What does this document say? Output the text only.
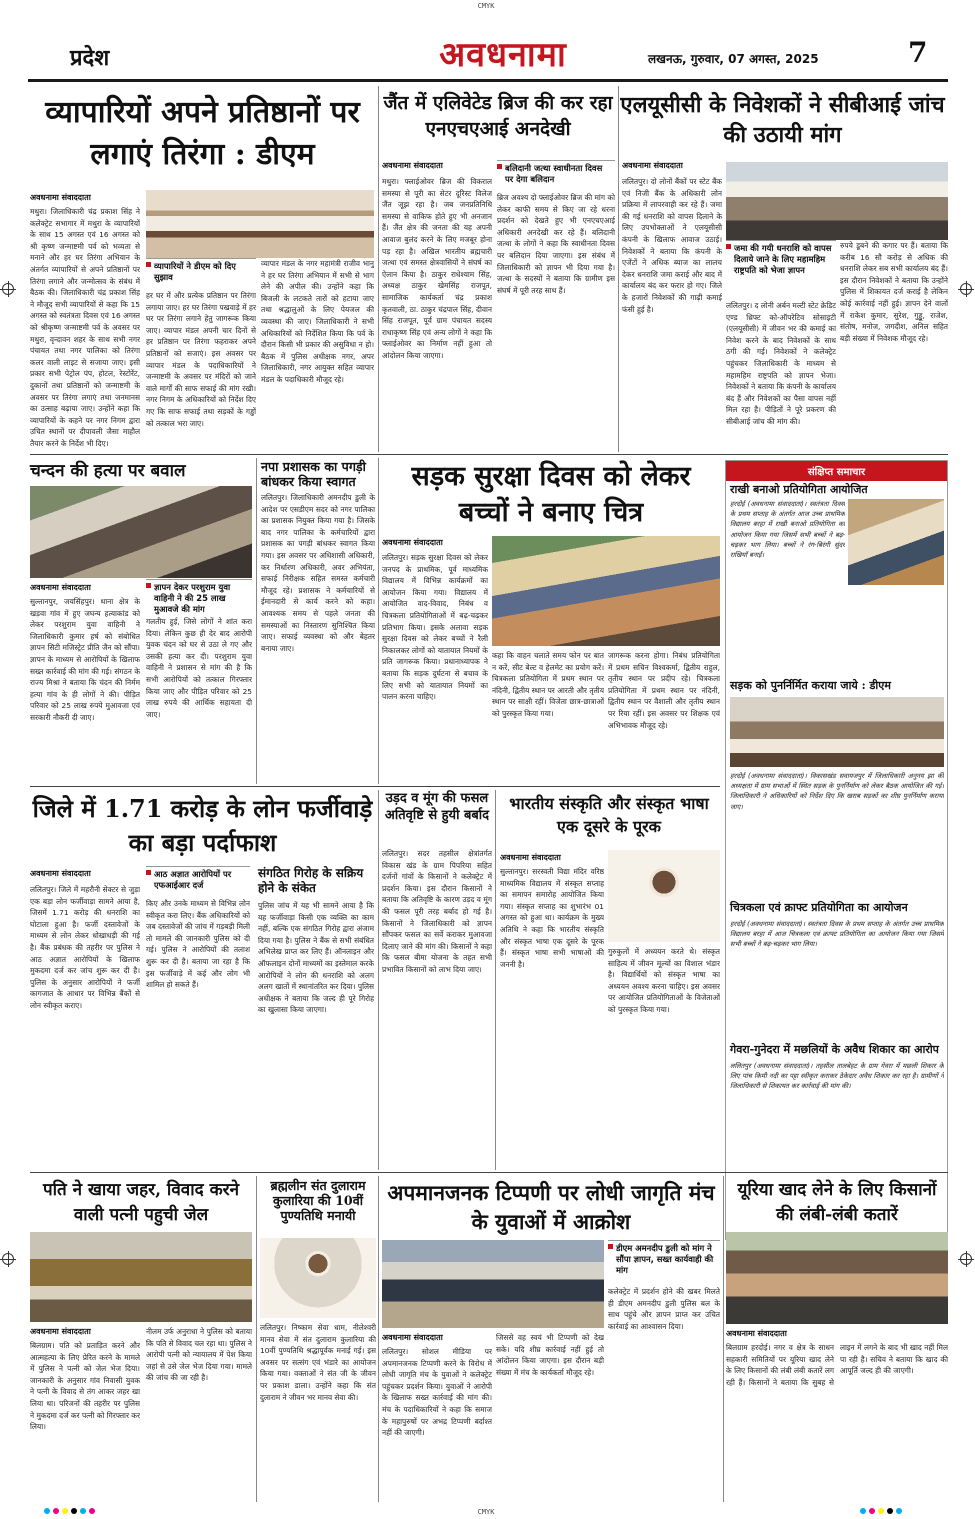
CMYK
CMYK
प्रदेश	अवधनामा	लखनऊ, गुरुवार, 07 अगस्त, 2025	7
व्यापारियों अपने प्रतिष्ठानों पर लगाएं तिरंगा : डीएम
अवधनामा संवाददाता
मथुरा। जिलाधिकारी चंद्र प्रकाश सिंह ने कलेक्ट्रेट सभागार में मथुरा के व्यापारियों के साथ 15 अगस्त एवं 16 अगस्त को श्री कृष्ण जन्माष्टमी पर्व को भव्यता से मनाने और हर घर तिरंगा अभियान के अंतर्गत व्यापारियों से अपने प्रतिष्ठानों पर तिरंगा लगाने और जन्मोत्सव के संबंध में बैठक की। जिलाधिकारी चंद्र प्रकाश सिंह ने मौजूद सभी व्यापारियों से कहा कि 15 अगस्त को स्वतंत्रता दिवस एवं 16 अगस्त को श्रीकृष्ण जन्माष्टमी पर्व के अवसर पर मथुरा, वृन्दावन शहर के साथ सभी नगर पंचायत तथा नगर पालिका को तिरंगा कलर वाली लाइट से सजाया जाए। इसी प्रकार सभी पेट्रोल पंप, होटल, रेस्टोरेंट, दुकानों तथा प्रतिष्ठानों को जन्माष्टमी के अवसर पर तिरंगा लगाएं तथा जनमानस का उत्साह बढ़ाया जाए। उन्होंने कहा कि व्यापारियों के कहने पर नगर निगम द्वारा उचित स्थानों पर दीपावली जैसा माहौल तैयार करने के निर्देश भी दिए।
व्यापारियों ने डीएम को दिए सुझाव
हर घर में और प्रत्येक प्रतिष्ठान पर तिरंगा लगाया जाए। हर घर तिरंगा पखवाड़े में हर घर पर तिरंगा लगाने हेतु जागरूक किया जाए। व्यापार मंडल अपनी चार दिनों से हर प्रतिष्ठान पर तिरंगा फहराकर अपने प्रतिष्ठानों को सजाएं। इस अवसर पर व्यापार मंडल के पदाधिकारियों ने जन्माष्टमी के अवसर पर मंदिरों को जाने वाले मार्गों की साफ सफाई की मांग रखी। नगर निगम के अधिकारियों को निर्देश दिए गए कि साफ सफाई तथा सड़कों के गड्ढों को तत्काल भरा जाए।
व्यापार मंडल के नगर महामंत्री राजीव भानु ने हर घर तिरंगा अभियान में सभी से भाग लेने की अपील की। उन्होंने कहा कि बिजली के लटकते तारों को हटाया जाए तथा श्रद्धालुओं के लिए पेयजल की व्यवस्था की जाए। जिलाधिकारी ने सभी अधिकारियों को निर्देशित किया कि पर्व के दौरान किसी भी प्रकार की असुविधा न हो। बैठक में पुलिस अधीक्षक नगर, अपर जिलाधिकारी, नगर आयुक्त सहित व्यापार मंडल के पदाधिकारी मौजूद रहे।
जैंत में एलिवेटेड ब्रिज की कर रहा एनएचएआई अनदेखी
अवधनामा संवाददाता
मथुरा। फ्लाईओवर ब्रिज की विकराल समस्या से पूरी का सेटर दूरिस्ट विलेज जैंत जूझ रहा है। जब जनप्रतिनिधि समस्या से वाकिफ होते हुए भी अनजान हैं। जैंत क्षेत्र की जनता की यह अपनी आवाज बुलंद करने के लिए मजबूर होना पड़ रहा है। अखिल भारतीय ब्रह्मचारी जत्था एवं समस्त क्षेत्रवासियों ने संघर्ष का ऐलान किया है। ठाकुर राधेश्याम सिंह, अध्यक्ष ठाकुर खेमसिंह राजपूत, सामाजिक कार्यकर्ता चंद्र प्रकाश कृतवाली, ठा. ठाकुर चंद्रपाल सिंह, दीवान सिंह राजपूत, पूर्व ग्राम पंचायत सदस्य राधाकृष्ण सिंह एवं अन्य लोगों ने कहा कि फ्लाईओवर का निर्माण नहीं हुआ तो आंदोलन किया जाएगा।
बलिदानी जत्था स्वाधीनता दिवस पर देगा बलिदान
ब्रिज अवश्य दो फ्लाईओवर ब्रिज की मांग को लेकर काफी समय से किए जा रहे धरना प्रदर्शन को देखते हुए भी एनएचएआई अधिकारी अनदेखी कर रहे हैं। बलिदानी जत्था के लोगों ने कहा कि स्वाधीनता दिवस पर बलिदान दिया जाएगा। इस संबंध में जिलाधिकारी को ज्ञापन भी दिया गया है। जत्था के सदस्यों ने बताया कि ग्रामीण इस संघर्ष में पूरी तरह साथ हैं।
एलयूसीसी के निवेशकों ने सीबीआई जांच की उठायी मांग
अवधनामा संवाददाता
ललितपुर। दो लोनों बैंकों पर स्टेट बैंक एवं निजी बैंक के अधिकारी लोन प्रक्रिया में लापरवाही कर रहे हैं। जमा की गई धनराशि को वापस दिलाने के लिए उपभोक्ताओं ने एलयूसीसी कंपनी के खिलाफ आवाज उठाई। निवेशकों ने बताया कि कंपनी के एजेंटों ने अधिक ब्याज का लालच देकर धनराशि जमा कराई और बाद में कार्यालय बंद कर फरार हो गए। जिले के हजारों निवेशकों की गाढ़ी कमाई फंसी हुई है।
जमा की गयी धनराशि को वापस दिलाये जाने के लिए महामहिम राष्ट्रपति को भेजा ज्ञापन
ललितपुर। द लोनी अर्बन मल्टी स्टेट क्रेडिट एण्ड थ्रिफ्ट को-ऑपरेटिव सोसाइटी (एलयूसीसी) में जीवन भर की कमाई का निवेश करने के बाद निवेशकों के साथ ठगी की गई। निवेशकों ने कलेक्ट्रेट पहुंचकर जिलाधिकारी के माध्यम से महामहिम राष्ट्रपति को ज्ञापन भेजा। निवेशकों ने बताया कि कंपनी के कार्यालय बंद हैं और निवेशकों का पैसा वापस नहीं मिल रहा है। पीड़ितों ने पूरे प्रकरण की सीबीआई जांच की मांग की।
रुपये डूबने की कगार पर हैं। बताया कि करीब 16 सौ करोड़ से अधिक की धनराशि लेकर सब सभी कार्यालय बंद हैं। इस दौरान निवेशकों ने बताया कि उन्होंने पुलिस में शिकायत दर्ज कराई है लेकिन कोई कार्रवाई नहीं हुई। ज्ञापन देने वालों में राकेश कुमार, सुरेश, गुड्डू, राजेश, संतोष, मनोज, जगदीश, अनिल सहित बड़ी संख्या में निवेशक मौजूद रहे।
चन्दन की हत्या पर बवाल
अवधनामा संवाददाता	ज्ञापन देकर परशुराम युवा वाहिनी ने की 25 लाख मुआवजे की मांग
सुल्तानपुर, जयसिंहपुर। थाना क्षेत्र के खड़वा गांव में हुए जघन्य हत्याकांड को लेकर परशुराम युवा वाहिनी ने जिलाधिकारी कुमार हर्ष को संबोधित ज्ञापन सिटी मजिस्ट्रेट प्रीति जैन को सौंपा। ज्ञापन के माध्यम से आरोपियों के खिलाफ सख्त कार्रवाई की मांग की गई। संगठन के राज्य मिश्रा ने बताया कि चंदन की निर्मम हत्या गांव के ही लोगों ने की। पीड़ित परिवार को 25 लाख रुपये मुआवजा एवं सरकारी नौकरी दी जाए।
गलतीय हुई, जिसे लोगों ने शांत करा दिया। लेकिन कुछ ही देर बाद आरोपी युवक चंदन को घर से उठा ले गए और उसकी हत्या कर दी। परशुराम युवा वाहिनी ने प्रशासन से मांग की है कि सभी आरोपियों को तत्काल गिरफ्तार किया जाए और पीड़ित परिवार को 25 लाख रुपये की आर्थिक सहायता दी जाए।
नपा प्रशासक का पगड़ी बांधकर किया स्वागत
ललितपुर। जिलाधिकारी अमनदीप डुली के आदेश पर एसडीएम सदर को नगर पालिका का प्रशासक नियुक्त किया गया है। जिसके बाद नगर पालिका के कर्मचारियों द्वारा प्रशासक का पगड़ी बांधकर स्वागत किया गया। इस अवसर पर अधिशासी अधिकारी, कर निर्धारण अधिकारी, अवर अभियंता, सफाई निरीक्षक सहित समस्त कर्मचारी मौजूद रहे। प्रशासक ने कर्मचारियों से ईमानदारी से कार्य करने को कहा। आवश्यक समय से पहले जनता की समस्याओं का निस्तारण सुनिश्चित किया जाए। सफाई व्यवस्था को और बेहतर बनाया जाए।
सड़क सुरक्षा दिवस को लेकर बच्चों ने बनाए चित्र
अवधनामा संवाददाता
ललितपुर। सड़क सुरक्षा दिवस को लेकर जनपद के प्राथमिक, पूर्व माध्यमिक विद्यालय में विभिन्न कार्यक्रमों का आयोजन किया गया। विद्यालय में आयोजित वाद-विवाद, निबंध व चित्रकला प्रतियोगिताओं में बढ़-चढ़कर प्रतिभाग किया। इसके अलावा सड़क सुरक्षा दिवस को लेकर बच्चों ने रैली निकालकर लोगों को यातायात नियमों के प्रति जागरूक किया। प्रधानाध्यापक ने बताया कि सड़क दुर्घटना से बचाव के लिए सभी को यातायात नियमों का पालन करना चाहिए।
कहा कि वाहन चलाते समय फोन पर बात न करें, सीट बेल्ट व हेलमेट का प्रयोग करें। चित्रकला प्रतियोगिता में प्रथम स्थान पर नंदिनी, द्वितीय स्थान पर आरती और तृतीय स्थान पर साक्षी रहीं। विजेता छात्र-छात्राओं को पुरस्कृत किया गया।
जागरूक करना होगा। निबंध प्रतियोगिता में प्रथम सचिन विश्वकर्मा, द्वितीय राहुल, तृतीय स्थान पर प्रदीप रहे। चित्रकला प्रतियोगिता में प्रथम स्थान पर नंदिनी, द्वितीय स्थान पर वैशाली और तृतीय स्थान पर रिया रहीं। इस अवसर पर शिक्षक एवं अभिभावक मौजूद रहे।
संक्षिप्त समाचार
राखी बनाओ प्रतियोगिता आयोजित
हरदोई (अवधनामा संवाददाता)। स्वतंत्रता दिवस के प्रथम सप्ताह के अंतर्गत आज उच्च प्राथमिक विद्यालय बरहा में राखी बनाओ प्रतियोगिता का आयोजन किया गया जिसमें सभी बच्चों ने बढ़-चढ़कर भाग लिया। बच्चों ने रंग-बिरंगी सुंदर राखियाँ बनाईं।
सड़क को पुनर्निर्मित कराया जाये : डीएम
हरदोई (अवधनामा संवाददाता)। विकासखंड सवायजपुर में जिलाधिकारी अनुनय झा की अध्यक्षता में ग्राम सभाओं में स्थित सड़क के पुनर्निर्माण को लेकर बैठक आयोजित की गई। जिलाधिकारी ने अधिकारियों को निर्देश दिए कि खराब सड़कों का शीघ्र पुनर्निर्माण कराया जाए।
चित्रकला एवं क्राफ्ट प्रतियोगिता का आयोजन
हरदोई (अवधनामा संवाददाता)। स्वतंत्रता दिवस के प्रथम सप्ताह के अंतर्गत उच्च प्राथमिक विद्यालय बरहा में आज चित्रकला एवं क्राफ्ट प्रतियोगिता का आयोजन किया गया जिसमें सभी बच्चों ने बढ़-चढ़कर भाग लिया।
गेवरा-गुनेदरा में मछलियों के अवैध शिकार का आरोप
ललितपुर (अवधनामा संवाददाता)। तहसील तालबेहट के ग्राम गेवरा में मछली शिकार के लिए पांच किमी नदी का पट्टा स्वीकृत कराकर ठेकेदार अवैध शिकार कर रहा है। ग्रामीणों ने जिलाधिकारी से शिकायत कर कार्रवाई की मांग की।
जिले में 1.71 करोड़ के लोन फर्जीवाड़े का बड़ा पर्दाफाश
अवधनामा संवाददाता	आठ अज्ञात आरोपियों पर एफआईआर दर्ज
ललितपुर। जिले में महरौनी सेक्टर से जुड़ा एक बड़ा लोन फर्जीवाड़ा सामने आया है, जिसमें 1.71 करोड़ की धनराशि का घोटाला हुआ है। फर्जी दस्तावेजों के माध्यम से लोन लेकर धोखाधड़ी की गई है। बैंक प्रबंधक की तहरीर पर पुलिस ने आठ अज्ञात आरोपियों के खिलाफ मुकदमा दर्ज कर जांच शुरू कर दी है। पुलिस के अनुसार आरोपियों ने फर्जी कागजात के आधार पर विभिन्न बैंकों से लोन स्वीकृत कराए।
किए और उनके माध्यम से विभिन्न लोन स्वीकृत करा लिए। बैंक अधिकारियों को जब दस्तावेजों की जांच में गड़बड़ी मिली तो मामले की जानकारी पुलिस को दी गई। पुलिस ने आरोपियों की तलाश शुरू कर दी है। बताया जा रहा है कि इस फर्जीवाड़े में कई और लोग भी शामिल हो सकते हैं।
संगठित गिरोह के सक्रिय होने के संकेत
पुलिस जांच में यह भी सामने आया है कि यह फर्जीवाड़ा किसी एक व्यक्ति का काम नहीं, बल्कि एक संगठित गिरोह द्वारा अंजाम दिया गया है। पुलिस ने बैंक से सभी संबंधित अभिलेख प्राप्त कर लिए हैं। ऑनलाइन और ऑफलाइन दोनों माध्यमों का इस्तेमाल करके आरोपियों ने लोन की धनराशि को अलग अलग खातों में स्थानांतरित कर दिया। पुलिस अधीक्षक ने बताया कि जल्द ही पूरे गिरोह का खुलासा किया जाएगा।
उड़द व मूंग की फसल अतिवृष्टि से हुयी बर्बाद
ललितपुर। सदर तहसील क्षेत्रांतर्गत विकास खंड के ग्राम पिपरिया सहित दर्जनों गांवों के किसानों ने कलेक्ट्रेट में प्रदर्शन किया। इस दौरान किसानों ने बताया कि अतिवृष्टि के कारण उड़द व मूंग की फसल पूरी तरह बर्बाद हो गई है। किसानों ने जिलाधिकारी को ज्ञापन सौंपकर फसल का सर्वे कराकर मुआवजा दिलाए जाने की मांग की। किसानों ने कहा कि फसल बीमा योजना के तहत सभी प्रभावित किसानों को लाभ दिया जाए।
भारतीय संस्कृति और संस्कृत भाषा एक दूसरे के पूरक
अवधनामा संवाददाता
सुल्तानपुर। सरस्वती विद्या मंदिर वरिष्ठ माध्यमिक विद्यालय में संस्कृत सप्ताह का समापन समारोह आयोजित किया गया। संस्कृत सप्ताह का शुभारंभ 01 अगस्त को हुआ था। कार्यक्रम के मुख्य अतिथि ने कहा कि भारतीय संस्कृति और संस्कृत भाषा एक दूसरे के पूरक हैं। संस्कृत भाषा सभी भाषाओं की जननी है।
गुरुकुलों में अध्ययन करते थे। संस्कृत साहित्य में जीवन मूल्यों का विशाल भंडार है। विद्यार्थियों को संस्कृत भाषा का अध्ययन अवश्य करना चाहिए। इस अवसर पर आयोजित प्रतियोगिताओं के विजेताओं को पुरस्कृत किया गया।
पति ने खाया जहर, विवाद करने वाली पत्नी पहुची जेल
अवधनामा संवाददाता
बिलग्राम। पति को प्रताड़ित करने और आत्महत्या के लिए प्रेरित करने के मामले में पुलिस ने पत्नी को जेल भेज दिया। जानकारी के अनुसार गांव निवासी युवक ने पत्नी के विवाद से तंग आकर जहर खा लिया था। परिजनों की तहरीर पर पुलिस ने मुकदमा दर्ज कर पत्नी को गिरफ्तार कर लिया।
नीलम उर्फ अनुराधा ने पुलिस को बताया कि पति से विवाद चल रहा था। पुलिस ने आरोपी पत्नी को न्यायालय में पेश किया जहां से उसे जेल भेज दिया गया। मामले की जांच की जा रही है।
ब्रह्मलीन संत दुलाराम कुलारिया की 10वीं पुण्यतिथि मनायी
ललितपुर। निष्काम सेवा धाम, नीलेश्वरी मानव सेवा में संत दुलाराम कुलारिया की 10वीं पुण्यतिथि श्रद्धापूर्वक मनाई गई। इस अवसर पर सत्संग एवं भंडारे का आयोजन किया गया। वक्ताओं ने संत जी के जीवन पर प्रकाश डाला। उन्होंने कहा कि संत दुलाराम ने जीवन भर मानव सेवा की।
अपमानजनक टिप्पणी पर लोधी जागृति मंच के युवाओं में आक्रोश
डीएम अमनदीप डुली को मांग ने सौंपा ज्ञापन, सख्त कार्यवाही की मांग
अवधनामा संवाददाता
ललितपुर। सोशल मीडिया पर अपमानजनक टिप्पणी करने के विरोध में लोधी जागृति मंच के युवाओं ने कलेक्ट्रेट पहुंचकर प्रदर्शन किया। युवाओं ने आरोपी के खिलाफ सख्त कार्रवाई की मांग की। मंच के पदाधिकारियों ने कहा कि समाज के महापुरुषों पर अभद्र टिप्पणी बर्दाश्त नहीं की जाएगी।
जिससे वह स्वयं भी टिप्पणी को देख सके। यदि शीघ्र कार्रवाई नहीं हुई तो आंदोलन किया जाएगा। इस दौरान बड़ी संख्या में मंच के कार्यकर्ता मौजूद रहे।
कलेक्ट्रेट में प्रदर्शन होने की खबर मिलते ही डीएम अमनदीप डुली पुलिस बल के साथ पहुंचे और ज्ञापन प्राप्त कर उचित कार्रवाई का आश्वासन दिया।
यूरिया खाद लेने के लिए किसानों की लंबी-लंबी कतारें
अवधनामा संवाददाता
बिलग्राम हरदोई। नगर व क्षेत्र के साधन सहकारी समितियों पर यूरिया खाद लेने के लिए किसानों की लंबी लंबी कतारें लग रही हैं। किसानों ने बताया कि सुबह से लाइन में लगने के बाद भी खाद नहीं मिल पा रही है। सचिव ने बताया कि खाद की आपूर्ति जल्द ही की जाएगी।
